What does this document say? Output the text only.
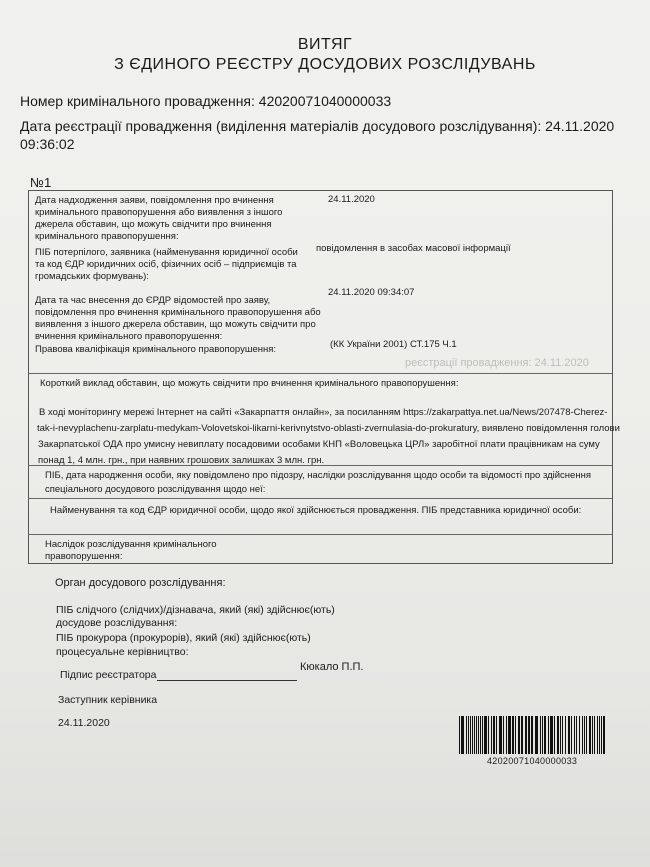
ВИТЯГ
З ЄДИНОГО РЕЄСТРУ ДОСУДОВИХ РОЗСЛІДУВАНЬ
Номер кримінального провадження: 42020071040000033
Дата реєстрації провадження (виділення матеріалів досудового розслідування): 24.11.2020
09:36:02
№1
Дата надходження заяви, повідомлення про вчинення кримінального правопорушення або виявлення з іншого джерела обставин, що можуть свідчити про вчинення кримінального правопорушення:
24.11.2020
ПІБ потерпілого, заявника (найменування юридичної особи та код ЄДР юридичних осіб, фізичних осіб – підприємців та громадських формувань):
повідомлення в засобах масової інформації
Дата та час внесення до ЄРДР відомостей про заяву, повідомлення про вчинення кримінального правопорушення або виявлення з іншого джерела обставин, що можуть свідчити про вчинення кримінального правопорушення:
24.11.2020 09:34:07
Правова кваліфікація кримінального правопорушення:	(КК України 2001) СТ.175 Ч.1
реєстрації провадження: 24.11.2020
Короткий виклад обставин, що можуть свідчити про вчинення кримінального правопорушення:
В ході моніторингу мережі Інтернет на сайті «Закарпаття онлайн», за посиланням https://zakarpattya.net.ua/News/207478-Cherez-
tak-i-nevyplachenu-zarplatu-medykam-Volovetskoi-likarni-kerivnytstvo-oblasti-zvernulasia-do-prokuratury, виявлено повідомлення голови
Закарпатської ОДА про умисну невиплату посадовими особами КНП «Воловецька ЦРЛ» заробітної плати працівникам на суму
понад 1, 4 млн. грн., при наявних грошових залишках 3 млн. грн.
ПІБ, дата народження особи, яку повідомлено про підозру, наслідки розслідування щодо особи та відомості про здійснення
спеціального досудового розслідування щодо неї:
Найменування та код ЄДР юридичної особи, щодо якої здійснюється провадження. ПІБ представника юридичної особи:
Наслідок розслідування кримінального
правопорушення:
Орган досудового розслідування:
ПІБ слідчого (слідчих)/дізнавача, який (які) здійснює(ють)
досудове розслідування:
ПІБ прокурора (прокурорів), який (які) здійснює(ють)
процесуальне керівництво:
Підпис реєстратора
Кюкало П.П.
Заступник керівника
24.11.2020
42020071040000033
